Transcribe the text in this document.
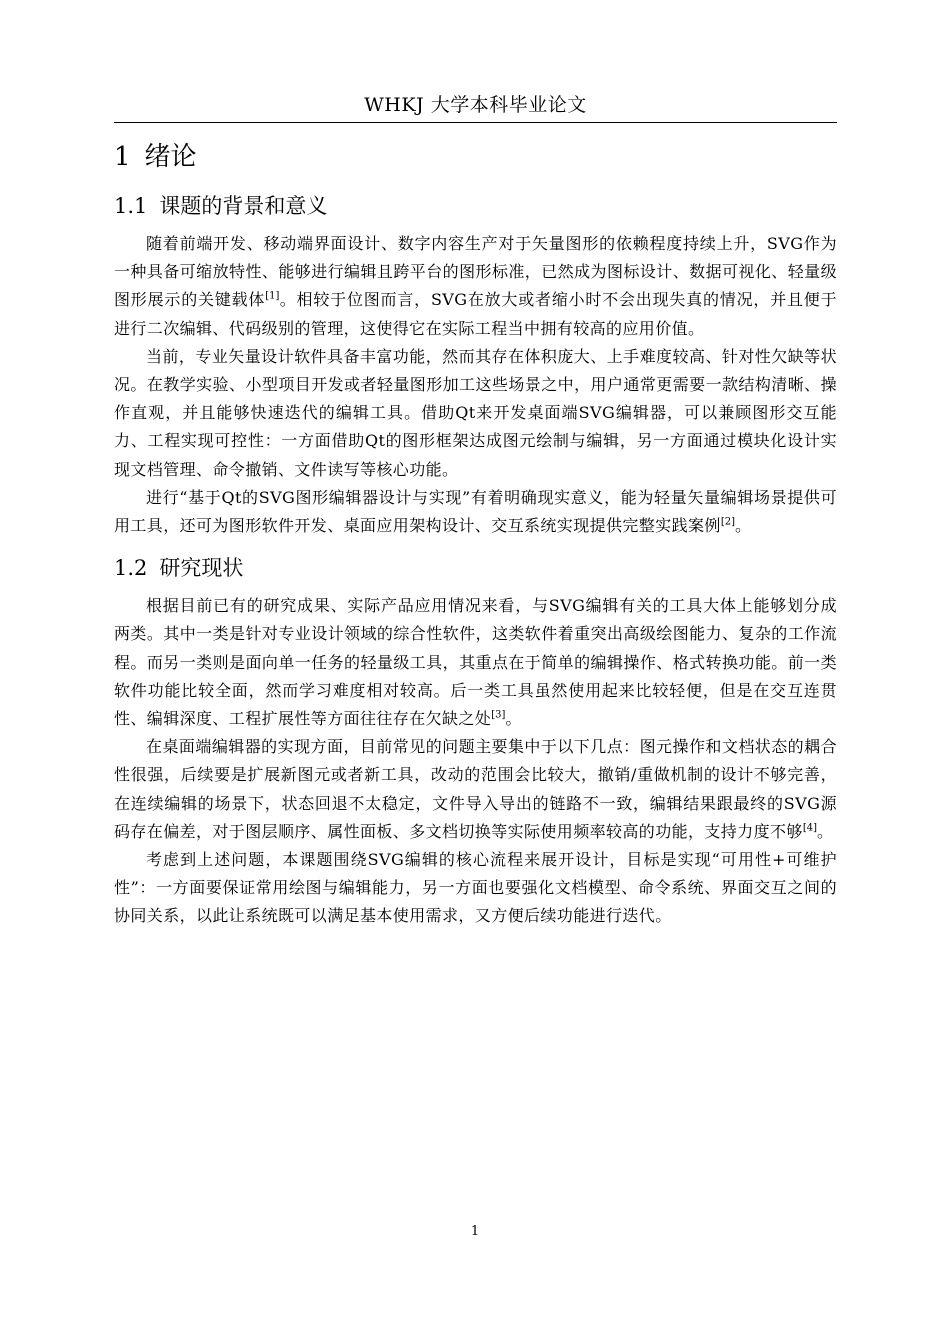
WHKJ 大学本科毕业论文
1 绪论
1.1 课题的背景和意义

随着前端开发、移动端界面设计、数字内容生产对于矢量图形的依赖程度持续上升，SVG作为一种具备可缩放特性、能够进行编辑且跨平台的图形标准，已然成为图标设计、数据可视化、轻量级图形展示的关键载体[1]。相较于位图而言，SVG在放大或者缩小时不会出现失真的情况，并且便于进行二次编辑、代码级别的管理，这使得它在实际工程当中拥有较高的应用价值。

当前，专业矢量设计软件具备丰富功能，然而其存在体积庞大、上手难度较高、针对性欠缺等状况。在教学实验、小型项目开发或者轻量图形加工这些场景之中，用户通常更需要一款结构清晰、操作直观，并且能够快速迭代的编辑工具。借助Qt来开发桌面端SVG编辑器，可以兼顾图形交互能力、工程实现可控性：一方面借助Qt的图形框架达成图元绘制与编辑，另一方面通过模块化设计实现文档管理、命令撤销、文件读写等核心功能。

进行“基于Qt的SVG图形编辑器设计与实现”有着明确现实意义，能为轻量矢量编辑场景提供可用工具，还可为图形软件开发、桌面应用架构设计、交互系统实现提供完整实践案例[2]。

1.2 研究现状

根据目前已有的研究成果、实际产品应用情况来看，与SVG编辑有关的工具大体上能够划分成两类。其中一类是针对专业设计领域的综合性软件，这类软件着重突出高级绘图能力、复杂的工作流程。而另一类则是面向单一任务的轻量级工具，其重点在于简单的编辑操作、格式转换功能。前一类软件功能比较全面，然而学习难度相对较高。后一类工具虽然使用起来比较轻便，但是在交互连贯性、编辑深度、工程扩展性等方面往往存在欠缺之处[3]。

在桌面端编辑器的实现方面，目前常见的问题主要集中于以下几点：图元操作和文档状态的耦合性很强，后续要是扩展新图元或者新工具，改动的范围会比较大，撤销/重做机制的设计不够完善，在连续编辑的场景下，状态回退不太稳定，文件导入导出的链路不一致，编辑结果跟最终的SVG源码存在偏差，对于图层顺序、属性面板、多文档切换等实际使用频率较高的功能，支持力度不够[4]。

考虑到上述问题，本课题围绕SVG编辑的核心流程来展开设计，目标是实现“可用性+可维护性”：一方面要保证常用绘图与编辑能力，另一方面也要强化文档模型、命令系统、界面交互之间的协同关系，以此让系统既可以满足基本使用需求，又方便后续功能进行迭代。

1
